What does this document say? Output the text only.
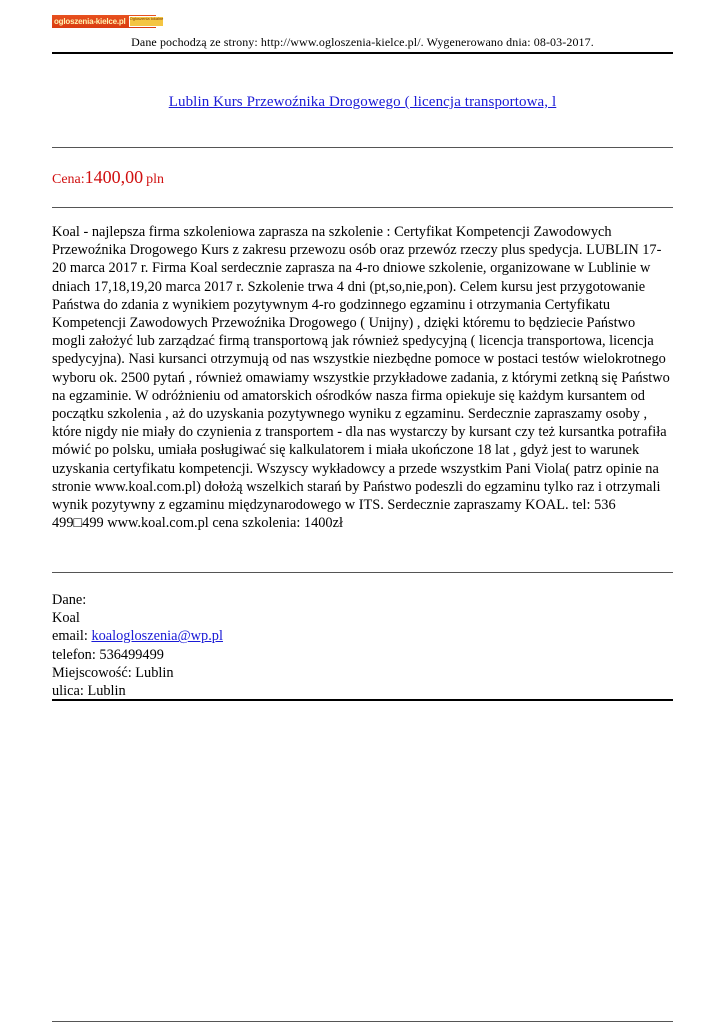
ogloszenia-kielce.pl Ogłoszenia lokalne
Dane pochodzą ze strony: http://www.ogloszenia-kielce.pl/. Wygenerowano dnia: 08-03-2017.
Lublin Kurs Przewoźnika Drogowego ( licencja transportowa, l
Cena:1400,00 pln

Koal - najlepsza firma szkoleniowa zaprasza na szkolenie : Certyfikat Kompetencji Zawodowych Przewoźnika Drogowego Kurs z zakresu przewozu osób oraz przewóz rzeczy plus spedycja. LUBLIN 17-20 marca 2017 r. Firma Koal serdecznie zaprasza na 4-ro dniowe szkolenie, organizowane w Lublinie w dniach 17,18,19,20 marca 2017 r. Szkolenie trwa 4 dni (pt,so,nie,pon). Celem kursu jest przygotowanie Państwa do zdania z wynikiem pozytywnym 4-ro godzinnego egzaminu i otrzymania Certyfikatu Kompetencji Zawodowych Przewoźnika Drogowego ( Unijny) , dzięki któremu to będziecie Państwo mogli założyć lub zarządzać firmą transportową jak również spedycyjną ( licencja transportowa, licencja spedycyjna). Nasi kursanci otrzymują od nas wszystkie niezbędne pomoce w postaci testów wielokrotnego wyboru ok. 2500 pytań , również omawiamy wszystkie przykładowe zadania, z którymi zetkną się Państwo na egzaminie. W odróżnieniu od amatorskich ośrodków nasza firma opiekuje się każdym kursantem od początku szkolenia , aż do uzyskania pozytywnego wyniku z egzaminu. Serdecznie zapraszamy osoby , które nigdy nie miały do czynienia z transportem - dla nas wystarczy by kursant czy też kursantka potrafiła mówić po polsku, umiała posługiwać się kalkulatorem i miała ukończone 18 lat , gdyż jest to warunek uzyskania certyfikatu kompetencji. Wszyscy wykładowcy a przede wszystkim Pani Viola( patrz opinie na stronie www.koal.com.pl) dołożą wszelkich starań by Państwo podeszli do egzaminu tylko raz i otrzymali wynik pozytywny z egzaminu międzynarodowego w ITS. Serdecznie zapraszamy KOAL. tel: 536 499□499 www.koal.com.pl cena szkolenia: 1400zł

Dane:
Koal
email: koalogloszenia@wp.pl
telefon: 536499499
Miejscowość: Lublin
ulica: Lublin
